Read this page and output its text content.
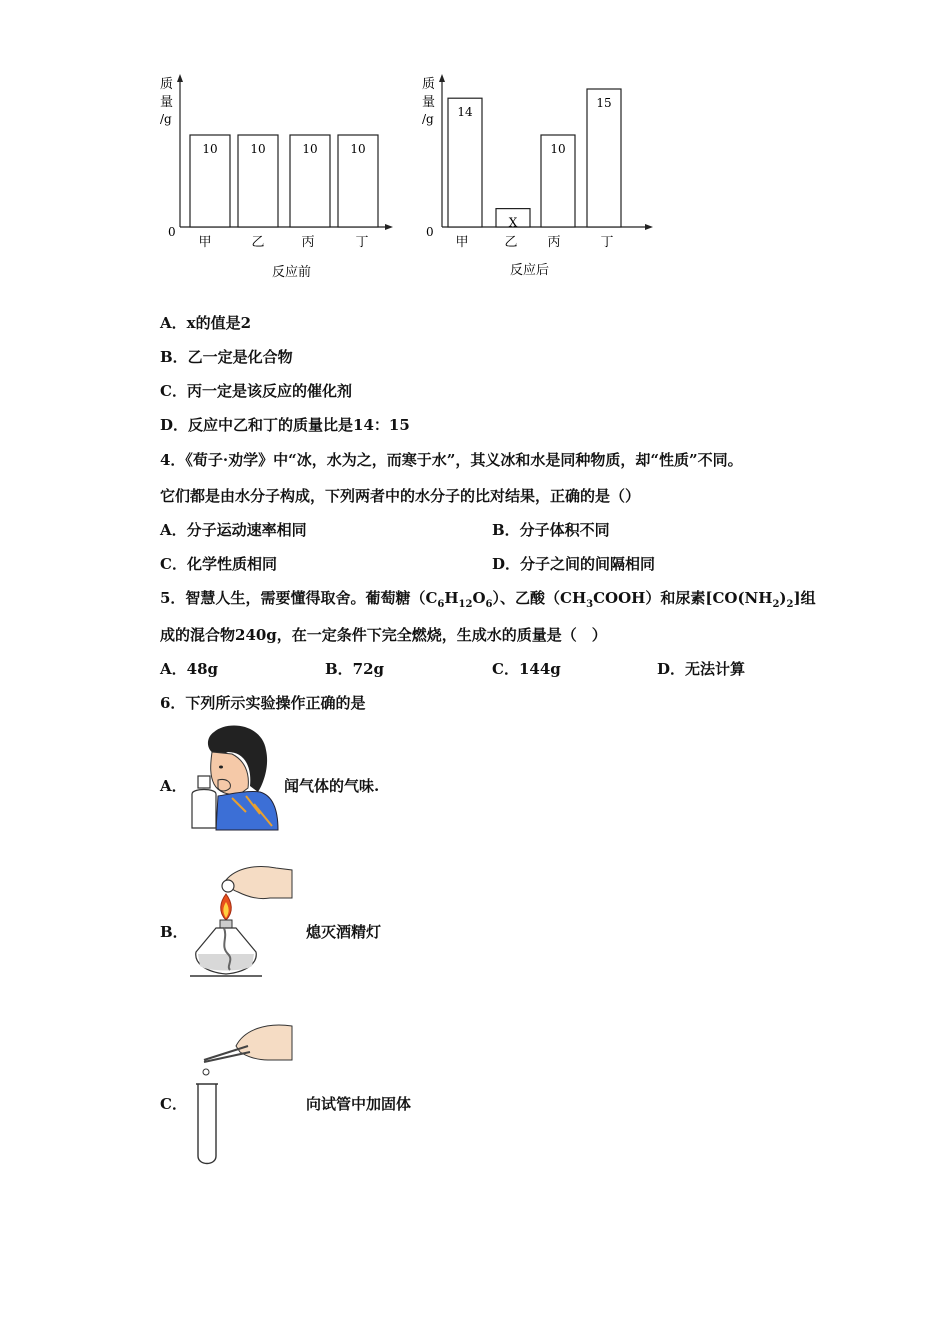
质
量
/g
0
10
甲
10
乙
10
丙
10
丁
反应前
质
量
/g
0
14
甲
X
乙
10
丙
15
丁
反应后
A．x的值是2
B．乙一定是化合物
C．丙一定是该反应的催化剂
D．反应中乙和丁的质量比是14：15
4．《荀子·劝学》中“冰，水为之，而寒于水”，其义冰和水是同种物质，却“性质”不同。
它们都是由水分子构成，下列两者中的水分子的比对结果，正确的是（）
A．分子运动速率相同	B．分子体积不同
C．化学性质相同	D．分子之间的间隔相同
5．智慧人生，需要懂得取舍。葡萄糖$(C_6H_{12}O_6)$、乙酸$(CH_3COOH)$和尿素$[CO(NH_2)_2]$组
成的混合物240g，在一定条件下完全燃烧，生成水的质量是（　）
A．48g	B．72g	C．144g	D．无法计算
6．下列所示实验操作正确的是
A．	闻气体的气味.
B．	熄灭酒精灯
C．	向试管中加固体
